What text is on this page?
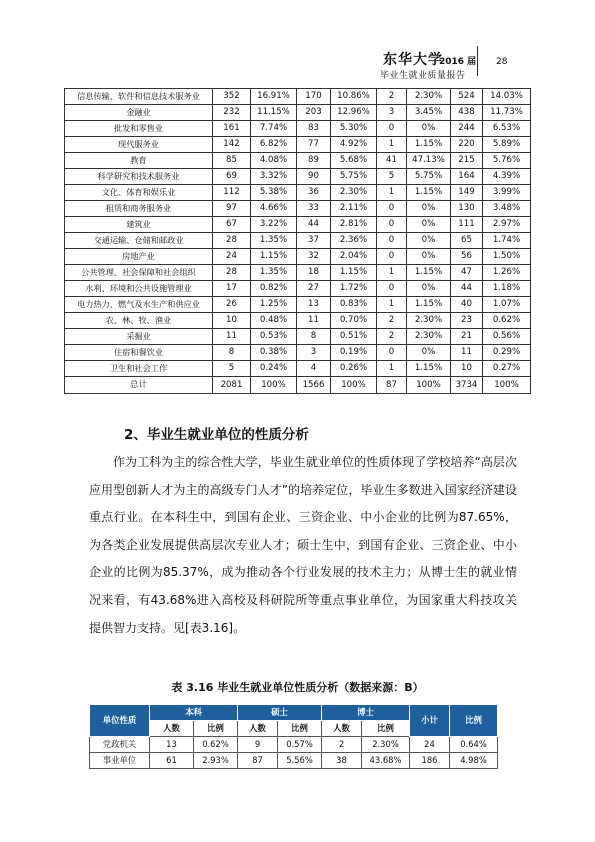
东华大学
2016 届
毕业生就业质量报告
28
信息传输、软件和信息技术服务业	352	16.91%	170	10.86%	2	2.30%	524	14.03%
金融业	232	11.15%	203	12.96%	3	3.45%	438	11.73%
批发和零售业	161	7.74%	83	5.30%	0	0%	244	6.53%
现代服务业	142	6.82%	77	4.92%	1	1.15%	220	5.89%
教育	85	4.08%	89	5.68%	41	47.13%	215	5.76%
科学研究和技术服务业	69	3.32%	90	5.75%	5	5.75%	164	4.39%
文化、体育和娱乐业	112	5.38%	36	2.30%	1	1.15%	149	3.99%
租赁和商务服务业	97	4.66%	33	2.11%	0	0%	130	3.48%
建筑业	67	3.22%	44	2.81%	0	0%	111	2.97%
交通运输、仓储和邮政业	28	1.35%	37	2.36%	0	0%	65	1.74%
房地产业	24	1.15%	32	2.04%	0	0%	56	1.50%
公共管理、社会保障和社会组织	28	1.35%	18	1.15%	1	1.15%	47	1.26%
水利、环境和公共设施管理业	17	0.82%	27	1.72%	0	0%	44	1.18%
电力热力、燃气及水生产和供应业	26	1.25%	13	0.83%	1	1.15%	40	1.07%
农、林、牧、渔业	10	0.48%	11	0.70%	2	2.30%	23	0.62%
采掘业	11	0.53%	8	0.51%	2	2.30%	21	0.56%
住宿和餐饮业	8	0.38%	3	0.19%	0	0%	11	0.29%
卫生和社会工作	5	0.24%	4	0.26%	1	1.15%	10	0.27%
总计	2081	100%	1566	100%	87	100%	3734	100%
2、毕业生就业单位的性质分析

作为工科为主的综合性大学，毕业生就业单位的性质体现了学校培养“高层次应用型创新人才为主的高级专门人才”的培养定位，毕业生多数进入国家经济建设重点行业。在本科生中，到国有企业、三资企业、中小企业的比例为87.65%，为各类企业发展提供高层次专业人才；硕士生中，到国有企业、三资企业、中小企业的比例为85.37%，成为推动各个行业发展的技术主力；从博士生的就业情况来看，有43.68%进入高校及科研院所等重点事业单位，为国家重大科技攻关提供智力支持。见[表3.16]。

表 3.16 毕业生就业单位性质分析（数据来源：B）
单位性质	本科		硕士		博士		小计	比例
	人数	比例	人数	比例	人数	比例		
党政机关	13	0.62%	9	0.57%	2	2.30%	24	0.64%
事业单位	61	2.93%	87	5.56%	38	43.68%	186	4.98%
